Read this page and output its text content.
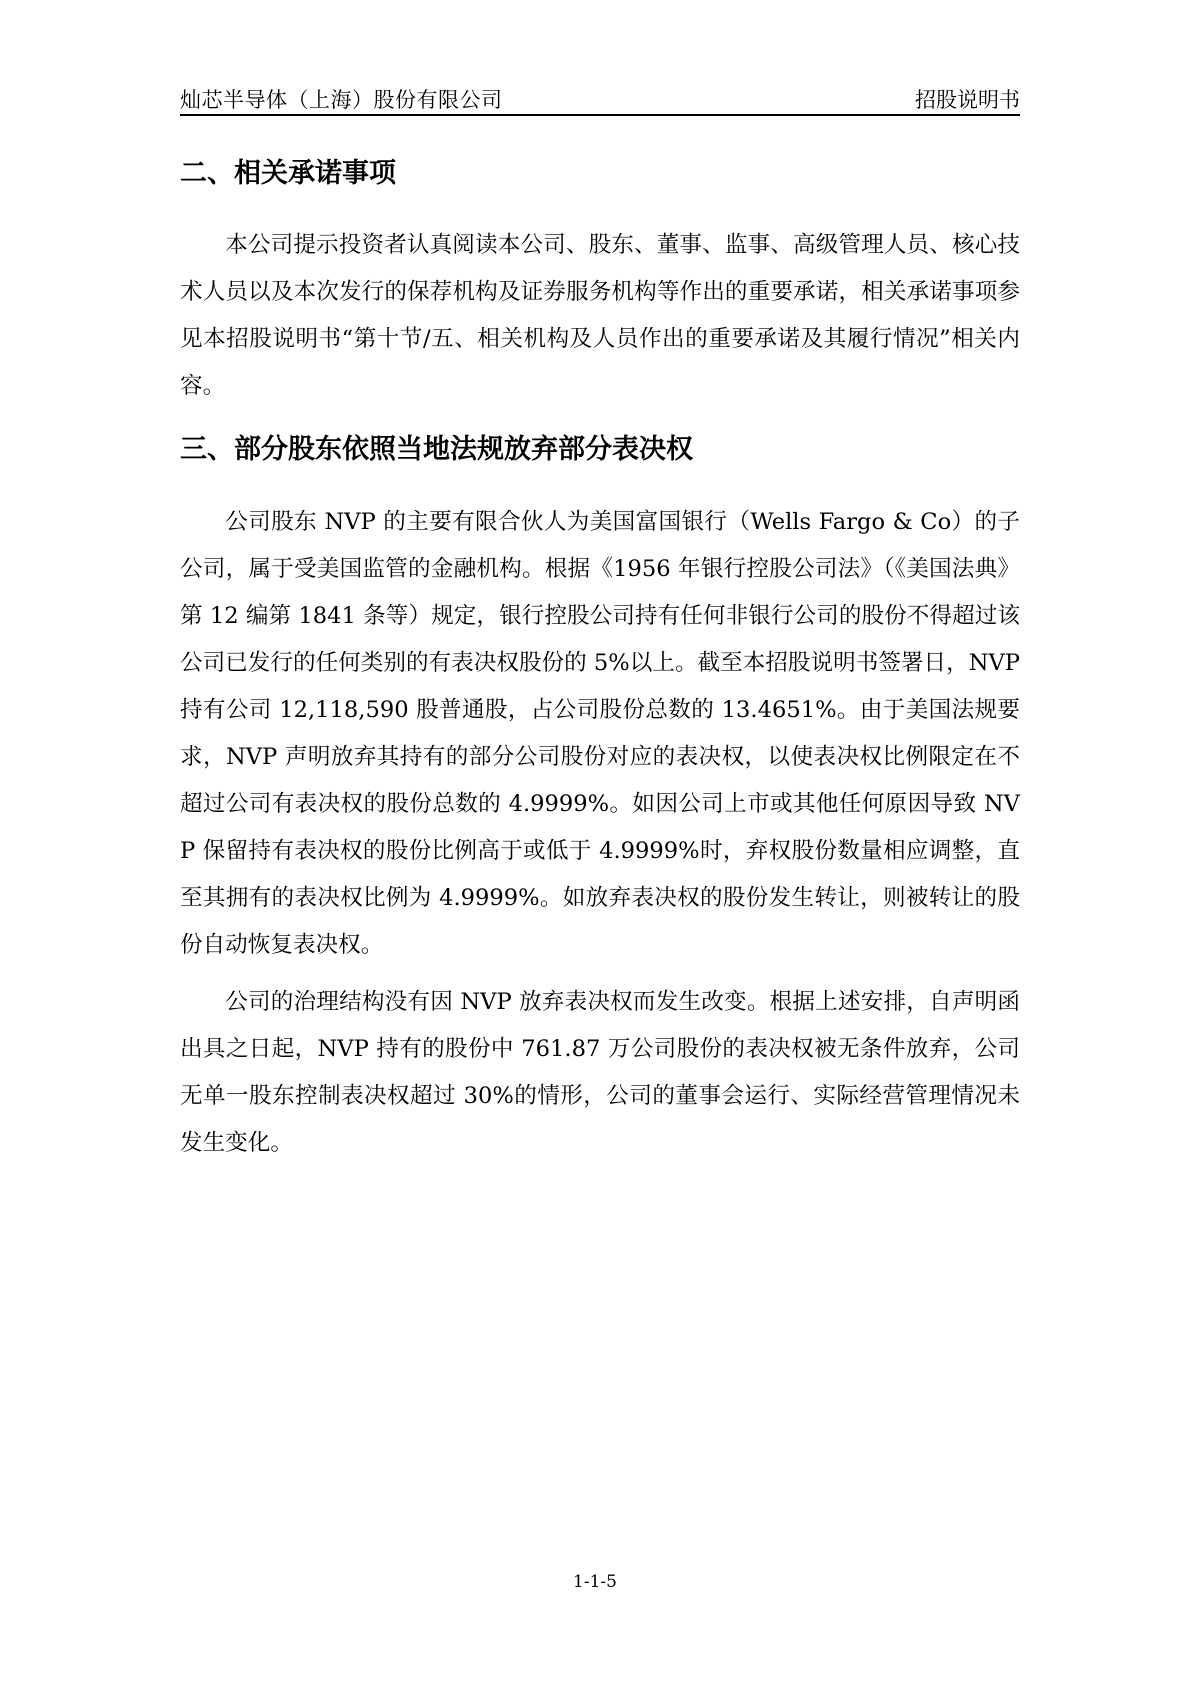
灿芯半导体（上海）股份有限公司	招股说明书
二、相关承诺事项

本公司提示投资者认真阅读本公司、股东、董事、监事、高级管理人员、核心技术人员以及本次发行的保荐机构及证券服务机构等作出的重要承诺，相关承诺事项参见本招股说明书“第十节/五、相关机构及人员作出的重要承诺及其履行情况”相关内容。

三、部分股东依照当地法规放弃部分表决权

公司股东 NVP 的主要有限合伙人为美国富国银行（Wells Fargo & Co）的子公司，属于受美国监管的金融机构。根据《1956 年银行控股公司法》（《美国法典》第 12 编第 1841 条等）规定，银行控股公司持有任何非银行公司的股份不得超过该公司已发行的任何类别的有表决权股份的 5%以上。截至本招股说明书签署日，NVP 持有公司 12,118,590 股普通股，占公司股份总数的 13.4651%。由于美国法规要求，NVP 声明放弃其持有的部分公司股份对应的表决权，以使表决权比例限定在不超过公司有表决权的股份总数的 4.9999%。如因公司上市或其他任何原因导致 NVP 保留持有表决权的股份比例高于或低于 4.9999%时，弃权股份数量相应调整，直至其拥有的表决权比例为 4.9999%。如放弃表决权的股份发生转让，则被转让的股份自动恢复表决权。

公司的治理结构没有因 NVP 放弃表决权而发生改变。根据上述安排，自声明函出具之日起，NVP 持有的股份中 761.87 万公司股份的表决权被无条件放弃，公司无单一股东控制表决权超过 30%的情形，公司的董事会运行、实际经营管理情况未发生变化。

1-1-5
